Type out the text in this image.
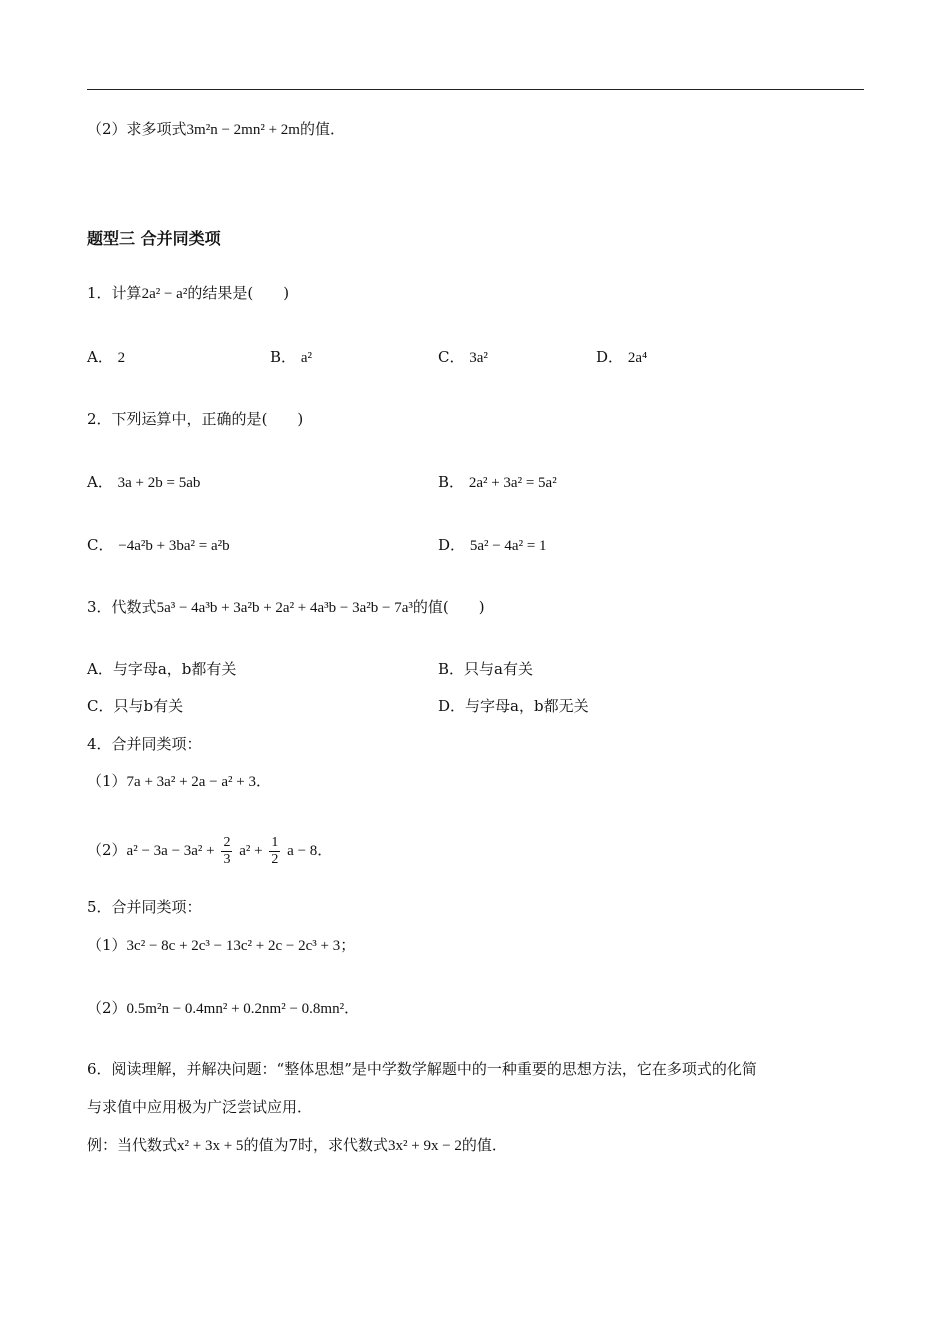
（2）求多项式3m²n − 2mn² + 2m的值．
题型三 合并同类项
1．计算2a² − a²的结果是(　　)
A． 2	B． a²	C． 3a²	D． 2a⁴
2．下列运算中，正确的是(　　)
A． 3a + 2b = 5ab	B． 2a² + 3a² = 5a²
C． −4a²b + 3ba² = a²b	D． 5a² − 4a² = 1
3．代数式5a³ − 4a³b + 3a²b + 2a² + 4a³b − 3a²b − 7a³的值(　　)
A．与字母a，b都有关	B．只与a有关
C．只与b有关	D．与字母a，b都无关
4．合并同类项：
（1）7a + 3a² + 2a − a² + 3．
$(2)a^2 - 3a - 3a^2 + \frac{2}{3} a^2 + \frac{1}{2}$ a − 8．
5．合并同类项：
（1）3c² − 8c + 2c³ − 13c² + 2c − 2c³ + 3；
（2）0.5m²n − 0.4mn² + 0.2nm² − 0.8mn²．
6．阅读理解，并解决问题：“整体思想”是中学数学解题中的一种重要的思想方法，它在多项式的化简
与求值中应用极为广泛尝试应用．
例：当代数式x² + 3x + 5的值为7时，求代数式3x² + 9x − 2的值．
